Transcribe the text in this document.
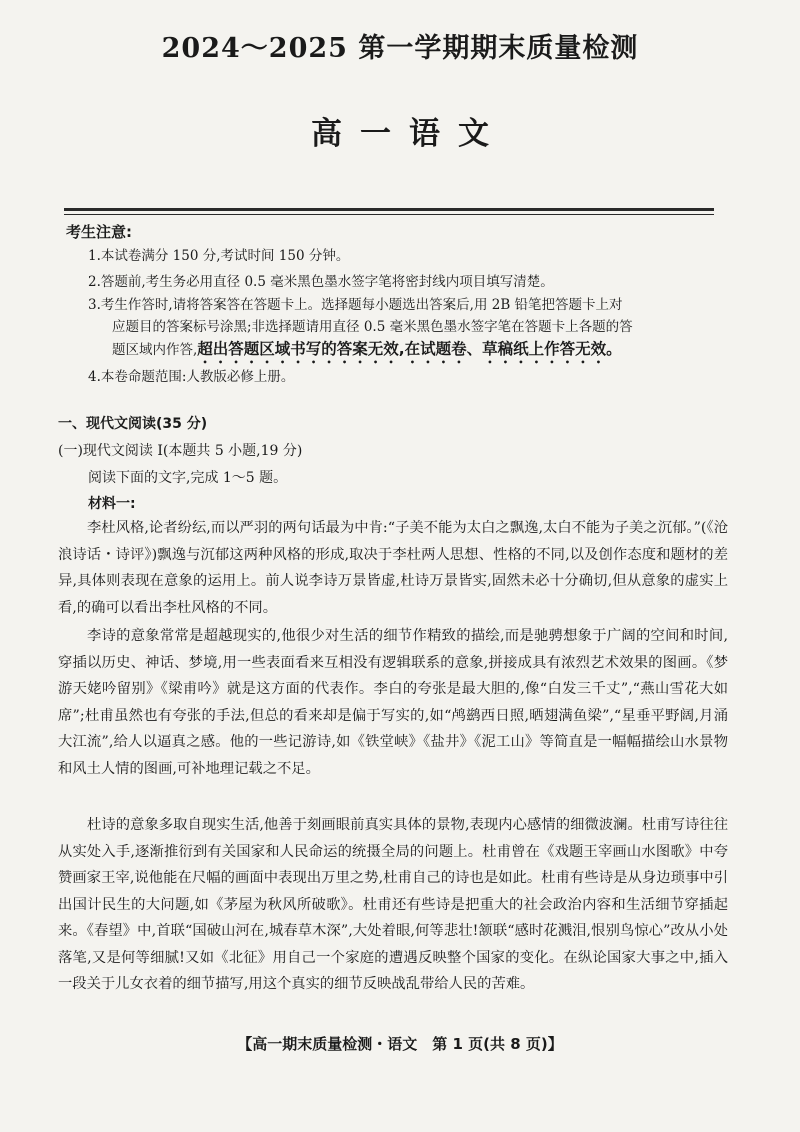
2024～2025 第一学期期末质量检测
高一语文
考生注意:
1.本试卷满分 150 分,考试时间 150 分钟。
2.答题前,考生务必用直径 0.5 毫米黑色墨水签字笔将密封线内项目填写清楚。
3.考生作答时,请将答案答在答题卡上。选择题每小题选出答案后,用 2B 铅笔把答题卡上对
应题目的答案标号涂黑;非选择题请用直径 0.5 毫米黑色墨水签字笔在答题卡上各题的答
题区域内作答,超出答题区域书写的答案无效,在试题卷、草稿纸上作答无效。
4.本卷命题范围:人教版必修上册。
一、现代文阅读(35 分)
(一)现代文阅读 I(本题共 5 小题,19 分)
阅读下面的文字,完成 1～5 题。
材料一:

李杜风格,论者纷纭,而以严羽的两句话最为中肯:“子美不能为太白之飘逸,太白不能为子美之沉郁。”(《沧浪诗话・诗评》)飘逸与沉郁这两种风格的形成,取决于李杜两人思想、性格的不同,以及创作态度和题材的差异,具体则表现在意象的运用上。前人说李诗万景皆虚,杜诗万景皆实,固然未必十分确切,但从意象的虚实上看,的确可以看出李杜风格的不同。

李诗的意象常常是超越现实的,他很少对生活的细节作精致的描绘,而是驰骋想象于广阔的空间和时间,穿插以历史、神话、梦境,用一些表面看来互相没有逻辑联系的意象,拼接成具有浓烈艺术效果的图画。《梦游天姥吟留别》《梁甫吟》就是这方面的代表作。李白的夸张是最大胆的,像“白发三千丈”,“燕山雪花大如席”;杜甫虽然也有夸张的手法,但总的看来却是偏于写实的,如“鸬鹚西日照,晒翅满鱼梁”,“星垂平野阔,月涌大江流”,给人以逼真之感。他的一些记游诗,如《铁堂峡》《盐井》《泥工山》等简直是一幅幅描绘山水景物和风土人情的图画,可补地理记载之不足。

杜诗的意象多取自现实生活,他善于刻画眼前真实具体的景物,表现内心感情的细微波澜。杜甫写诗往往从实处入手,逐渐推衍到有关国家和人民命运的统摄全局的问题上。杜甫曾在《戏题王宰画山水图歌》中夸赞画家王宰,说他能在尺幅的画面中表现出万里之势,杜甫自己的诗也是如此。杜甫有些诗是从身边琐事中引出国计民生的大问题,如《茅屋为秋风所破歌》。杜甫还有些诗是把重大的社会政治内容和生活细节穿插起来。《春望》中,首联“国破山河在,城春草木深”,大处着眼,何等悲壮!颔联“感时花溅泪,恨别鸟惊心”改从小处落笔,又是何等细腻!又如《北征》用自己一个家庭的遭遇反映整个国家的变化。在纵论国家大事之中,插入一段关于儿女衣着的细节描写,用这个真实的细节反映战乱带给人民的苦难。

【高一期末质量检测・语文　第 1 页(共 8 页)】
